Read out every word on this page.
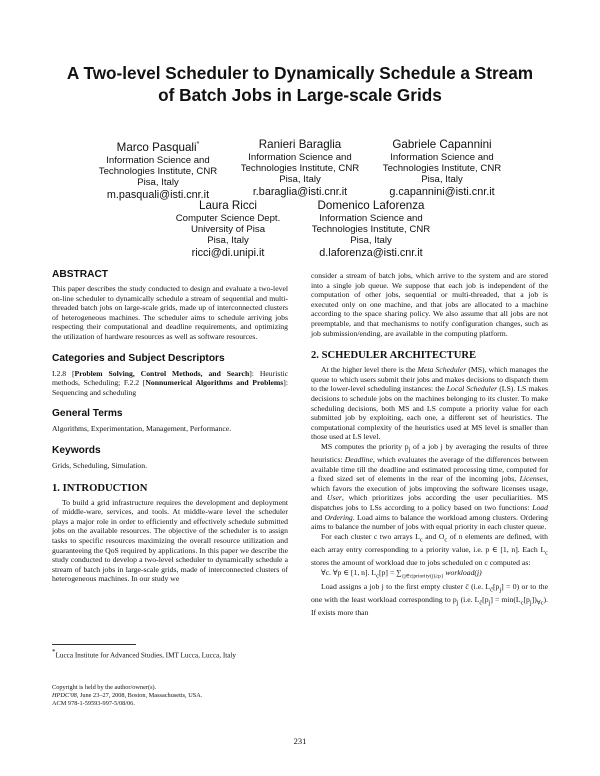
A Two-level Scheduler to Dynamically Schedule a Stream
of Batch Jobs in Large-scale Grids
Marco Pasquali*
Information Science and
Technologies Institute, CNR
Pisa, Italy
m.pasquali@isti.cnr.it
Ranieri Baraglia
Information Science and
Technologies Institute, CNR
Pisa, Italy
r.baraglia@isti.cnr.it
Gabriele Capannini
Information Science and
Technologies Institute, CNR
Pisa, Italy
g.capannini@isti.cnr.it
Laura Ricci
Computer Science Dept.
University of Pisa
Pisa, Italy
ricci@di.unipi.it
Domenico Laforenza
Information Science and
Technologies Institute, CNR
Pisa, Italy
d.laforenza@isti.cnr.it
ABSTRACT

This paper describes the study conducted to design and evaluate a two-level on-line scheduler to dynamically schedule a stream of sequential and multi-threaded batch jobs on large-scale grids, made up of interconnected clusters of heterogeneous machines. The scheduler aims to schedule arriving jobs respecting their computational and deadline requirements, and optimizing the utilization of hardware resources as well as software resources.

Categories and Subject Descriptors

I.2.8 [Problem Solving, Control Methods, and Search]: Heuristic methods, Scheduling; F.2.2 [Nonnumerical Algorithms and Problems]: Sequencing and scheduling

General Terms

Algorithms, Experimentation, Management, Performance.

Keywords

Grids, Scheduling, Simulation.

1. INTRODUCTION

To build a grid infrastructure requires the development and deployment of middle-ware, services, and tools. At middle-ware level the scheduler plays a major role in order to efficiently and effectively schedule submitted jobs on the available resources. The objective of the scheduler is to assign tasks to specific resources maximizing the overall resource utilization and guaranteeing the QoS required by applications. In this paper we describe the study conducted to develop a two-level scheduler to dynamically schedule a stream of batch jobs in large-scale grids, made of interconnected clusters of heterogeneous machines. In our study we

*Lucca Institute for Advanced Studies, IMT Lucca, Lucca, Italy
Copyright is held by the author/owner(s).
HPDC'08, June 23–27, 2008, Boston, Massachusetts, USA.
ACM 978-1-59593-997-5/08/06.

consider a stream of batch jobs, which arrive to the system and are stored into a single job queue. We suppose that each job is independent of the computation of other jobs, sequential or multi-threaded, that a job is executed only on one machine, and that jobs are allocated to a machine according to the space sharing policy. We also assume that all jobs are not preemptable, and that mechanisms to notify configuration changes, such as job submission/ending, are available in the computing platform.

2. SCHEDULER ARCHITECTURE

At the higher level there is the Meta Scheduler (MS), which manages the queue to which users submit their jobs and makes decisions to dispatch them to the lower-level scheduling instances: the Local Scheduler (LS). LS makes decisions to schedule jobs on the machines belonging to its cluster. To make scheduling decisions, both MS and LS compute a priority value for each submitted job by exploiting, each one, a different set of heuristics. The computational complexity of the heuristics used at MS level is smaller than those used at LS level.

MS computes the priority $p_j$ of a job j by averaging the results of three heuristics: Deadline, which evaluates the average of the differences between available time till the deadline and estimated processing time, computed for a fixed sized set of elements in the rear of the incoming jobs, Licenses, which favors the execution of jobs improving the software licenses usage, and User, which prioritizes jobs according the user peculiarities. MS dispatches jobs to LSs according to a policy based on two functions: Load and Ordering. Load aims to balance the workload among clusters. Ordering aims to balance the number of jobs with equal priority in each cluster queue.

For each cluster c two arrays $L_c$ and $O_c$ of n elements are defined, with each array entry corresponding to a priority value, i.e. p ∈ [1, n]. Each $L_c$ stores the amount of workload due to jobs scheduled on c computed as:

∀c. ∀p ∈ [1, n]. $L_c[p] = \sum_{\{j\in c|priority(j)\ge p\}}$ workload(j)

Load assigns a job j to the first empty cluster c̄ (i.e. $L_{c̄}[p_j] = 0$) or to the one with the least workload corresponding to $p_j$ (i.e. $L_{c̄}[p_j] = \min(L_c[p_j])_{\forall c}$). If exists more than

231
